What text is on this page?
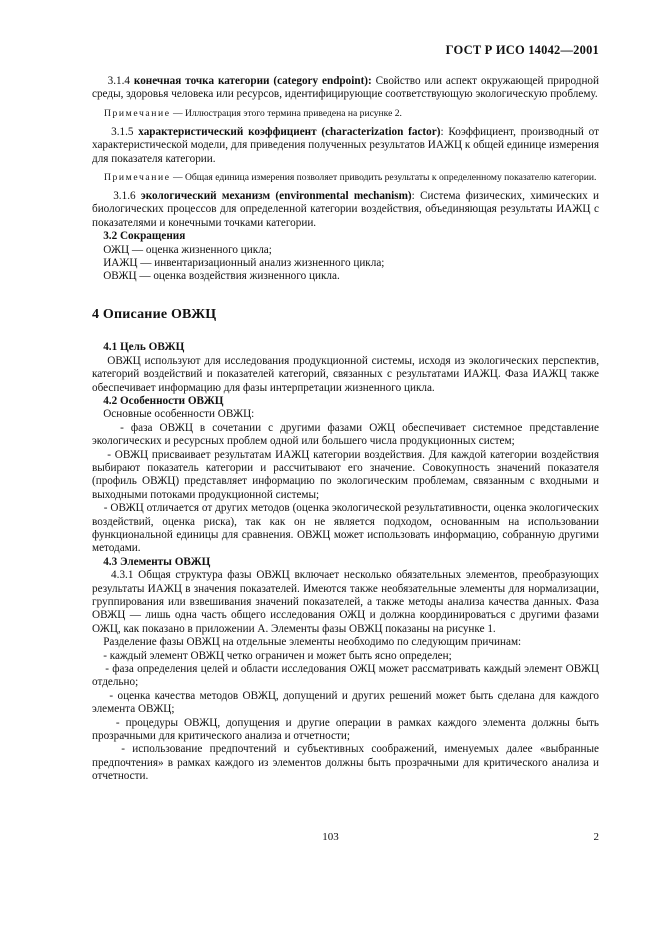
ГОСТ Р ИСО 14042—2001

3.1.4 конечная точка категории (category endpoint): Свойство или аспект окружающей природной среды, здоровья человека или ресурсов, идентифицирующие соответствующую экологическую проблему.

Примечание — Иллюстрация этого термина приведена на рисунке 2.

3.1.5 характеристический коэффициент (characterization factor): Коэффициент, производный от характеристической модели, для приведения полученных результатов ИАЖЦ к общей единице измерения для показателя категории.

Примечание — Общая единица измерения позволяет приводить результаты к определенному показателю категории.

3.1.6 экологический механизм (environmental mechanism): Система физических, химических и биологических процессов для определенной категории воздействия, объединяющая результаты ИАЖЦ с показателями и конечными точками категории.

3.2 Сокращения

ОЖЦ — оценка жизненного цикла;

ИАЖЦ — инвентаризационный анализ жизненного цикла;

ОВЖЦ — оценка воздействия жизненного цикла.

4 Описание ОВЖЦ

4.1 Цель ОВЖЦ

ОВЖЦ используют для исследования продукционной системы, исходя из экологических перспектив, категорий воздействий и показателей категорий, связанных с результатами ИАЖЦ. Фаза ИАЖЦ также обеспечивает информацию для фазы интерпретации жизненного цикла.

4.2 Особенности ОВЖЦ

Основные особенности ОВЖЦ:

- фаза ОВЖЦ в сочетании с другими фазами ОЖЦ обеспечивает системное представление экологических и ресурсных проблем одной или большего числа продукционных систем;

- ОВЖЦ присваивает результатам ИАЖЦ категории воздействия. Для каждой категории воздействия выбирают показатель категории и рассчитывают его значение. Совокупность значений показателя (профиль ОВЖЦ) представляет информацию по экологическим проблемам, связанным с входными и выходными потоками продукционной системы;

- ОВЖЦ отличается от других методов (оценка экологической результативности, оценка экологических воздействий, оценка риска), так как он не является подходом, основанным на использовании функциональной единицы для сравнения. ОВЖЦ может использовать информацию, собранную другими методами.

4.3 Элементы ОВЖЦ

4.3.1 Общая структура фазы ОВЖЦ включает несколько обязательных элементов, преобразующих результаты ИАЖЦ в значения показателей. Имеются также необязательные элементы для нормализации, группирования или взвешивания значений показателей, а также методы анализа качества данных. Фаза ОВЖЦ — лишь одна часть общего исследования ОЖЦ и должна координироваться с другими фазами ОЖЦ, как показано в приложении А. Элементы фазы ОВЖЦ показаны на рисунке 1.

Разделение фазы ОВЖЦ на отдельные элементы необходимо по следующим причинам:

- каждый элемент ОВЖЦ четко ограничен и может быть ясно определен;

- фаза определения целей и области исследования ОЖЦ может рассматривать каждый элемент ОВЖЦ отдельно;

- оценка качества методов ОВЖЦ, допущений и других решений может быть сделана для каждого элемента ОВЖЦ;

- процедуры ОВЖЦ, допущения и другие операции в рамках каждого элемента должны быть прозрачными для критического анализа и отчетности;

- использование предпочтений и субъективных соображений, именуемых далее «выбранные предпочтения» в рамках каждого из элементов должны быть прозрачными для критического анализа и отчетности.

103	2
